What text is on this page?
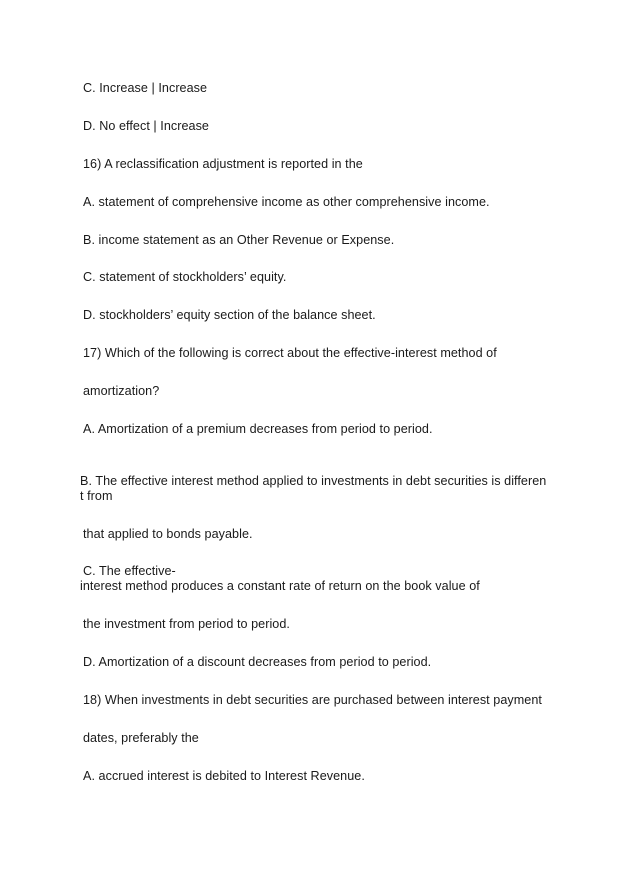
C. Increase | Increase
D. No effect | Increase
16) A reclassification adjustment is reported in the
A. statement of comprehensive income as other comprehensive income.
B. income statement as an Other Revenue or Expense.
C. statement of stockholders’ equity.
D. stockholders’ equity section of the balance sheet.
17) Which of the following is correct about the effective-interest method of
amortization?
A. Amortization of a premium decreases from period to period.
B. The effective interest method applied to investments in debt securities is differen
t from
that applied to bonds payable.
C. The effective-
interest method produces a constant rate of return on the book value of
the investment from period to period.
D. Amortization of a discount decreases from period to period.
18) When investments in debt securities are purchased between interest payment
dates, preferably the
A. accrued interest is debited to Interest Revenue.
